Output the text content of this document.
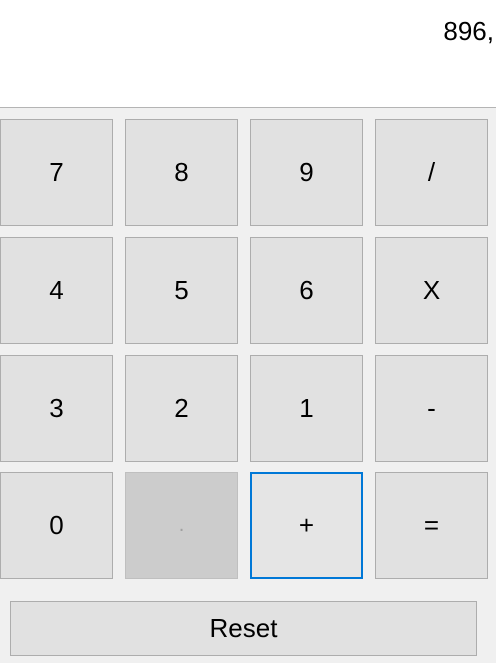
896,
7	8	9	/
4	5	6	X
3	2	1	-
0	.	+	=
Reset
